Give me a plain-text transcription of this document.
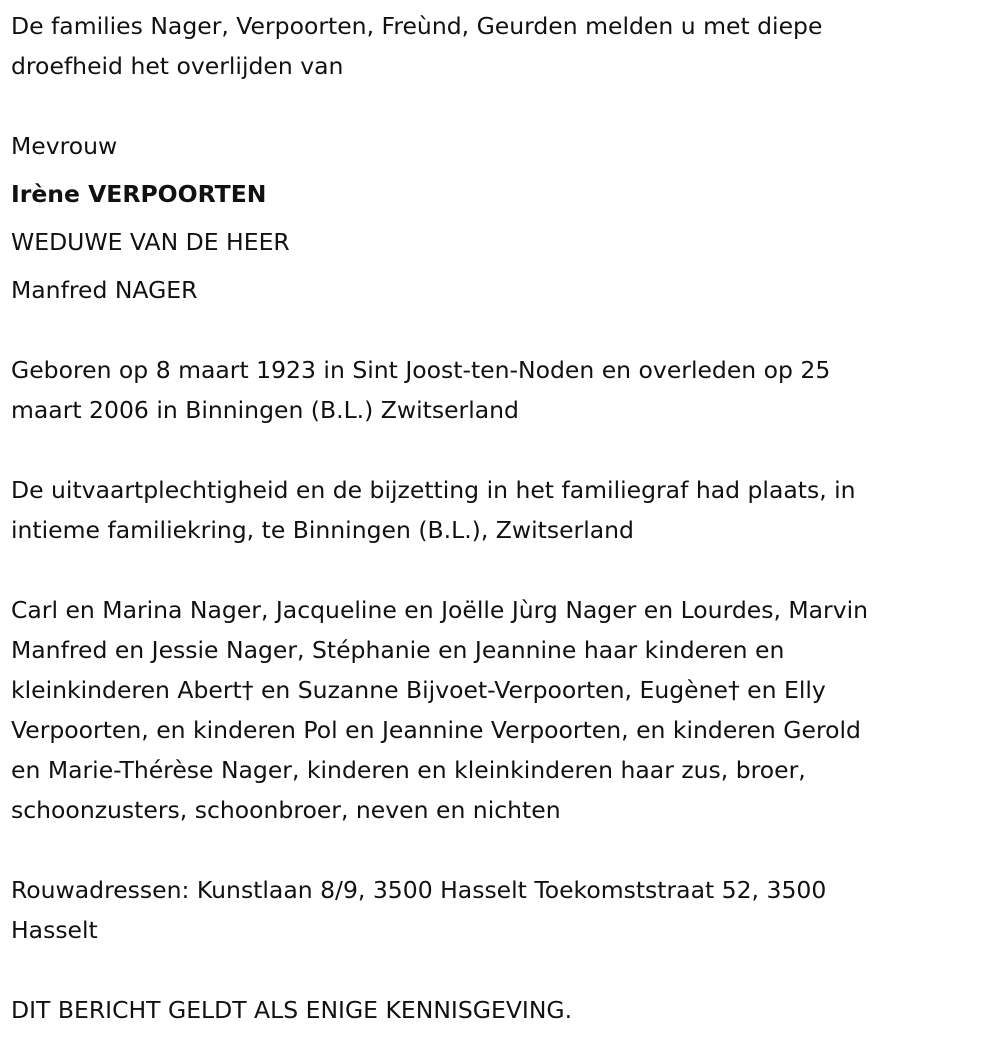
De families Nager, Verpoorten, Freùnd, Geurden melden u met diepe
droefheid het overlijden van
Mevrouw
Irène VERPOORTEN
WEDUWE VAN DE HEER
Manfred NAGER
Geboren op 8 maart 1923 in Sint Joost-ten-Noden en overleden op 25
maart 2006 in Binningen (B.L.) Zwitserland
De uitvaartplechtigheid en de bijzetting in het familiegraf had plaats, in
intieme familiekring, te Binningen (B.L.), Zwitserland
Carl en Marina Nager, Jacqueline en Joëlle Jùrg Nager en Lourdes, Marvin
Manfred en Jessie Nager, Stéphanie en Jeannine haar kinderen en
kleinkinderen Abert† en Suzanne Bijvoet-Verpoorten, Eugène† en Elly
Verpoorten, en kinderen Pol en Jeannine Verpoorten, en kinderen Gerold
en Marie-Thérèse Nager, kinderen en kleinkinderen haar zus, broer,
schoonzusters, schoonbroer, neven en nichten
Rouwadressen: Kunstlaan 8/9, 3500 Hasselt Toekomststraat 52, 3500
Hasselt
DIT BERICHT GELDT ALS ENIGE KENNISGEVING.
